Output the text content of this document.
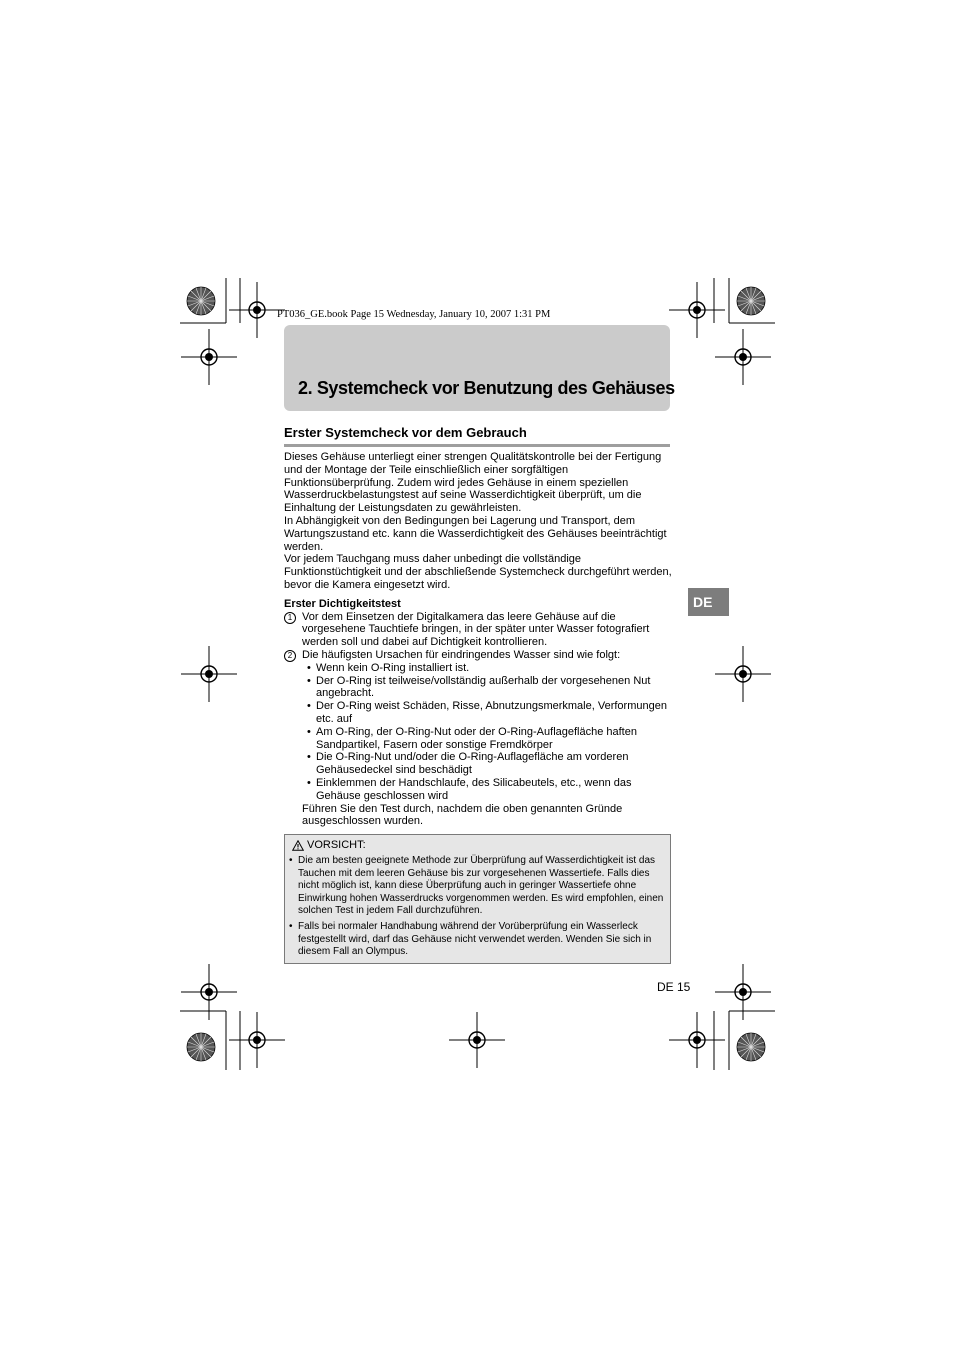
PT036_GE.book Page 15 Wednesday, January 10, 2007 1:31 PM
2. Systemcheck vor Benutzung des Gehäuses
Erster Systemcheck vor dem Gebrauch

Dieses Gehäuse unterliegt einer strengen Qualitätskontrolle bei der Fertigung und der Montage der Teile einschließlich einer sorgfältigen Funktionsüberprüfung. Zudem wird jedes Gehäuse in einem speziellen Wasserdruckbelastungstest auf seine Wasserdichtigkeit überprüft, um die Einhaltung der Leistungsdaten zu gewährleisten.

In Abhängigkeit von den Bedingungen bei Lagerung und Transport, dem Wartungszustand etc. kann die Wasserdichtigkeit des Gehäuses beeinträchtigt werden.

Vor jedem Tauchgang muss daher unbedingt die vollständige Funktionstüchtigkeit und der abschließende Systemcheck durchgeführt werden, bevor die Kamera eingesetzt wird.

Erster Dichtigkeitstest

1 Vor dem Einsetzen der Digitalkamera das leere Gehäuse auf die vorgesehene Tauchtiefe bringen, in der später unter Wasser fotografiert werden soll und dabei auf Dichtigkeit kontrollieren.

2 Die häufigsten Ursachen für eindringendes Wasser sind wie folgt:

• Wenn kein O-Ring installiert ist.
• Der O-Ring ist teilweise/vollständig außerhalb der vorgesehenen Nut angebracht.
• Der O-Ring weist Schäden, Risse, Abnutzungsmerkmale, Verformungen etc. auf
• Am O-Ring, der O-Ring-Nut oder der O-Ring-Auflagefläche haften Sandpartikel, Fasern oder sonstige Fremdkörper
• Die O-Ring-Nut und/oder die O-Ring-Auflagefläche am vorderen Gehäusedeckel sind beschädigt
• Einklemmen der Handschlaufe, des Silicabeutels, etc., wenn das Gehäuse geschlossen wird

Führen Sie den Test durch, nachdem die oben genannten Gründe ausgeschlossen wurden.

VORSICHT:
• Die am besten geeignete Methode zur Überprüfung auf Wasserdichtigkeit ist das Tauchen mit dem leeren Gehäuse bis zur vorgesehenen Wassertiefe. Falls dies nicht möglich ist, kann diese Überprüfung auch in geringer Wassertiefe ohne Einwirkung hohen Wasserdrucks vorgenommen werden. Es wird empfohlen, einen solchen Test in jedem Fall durchzuführen.
• Falls bei normaler Handhabung während der Vorüberprüfung ein Wasserleck festgestellt wird, darf das Gehäuse nicht verwendet werden. Wenden Sie sich in diesem Fall an Olympus.
DE
DE 15
